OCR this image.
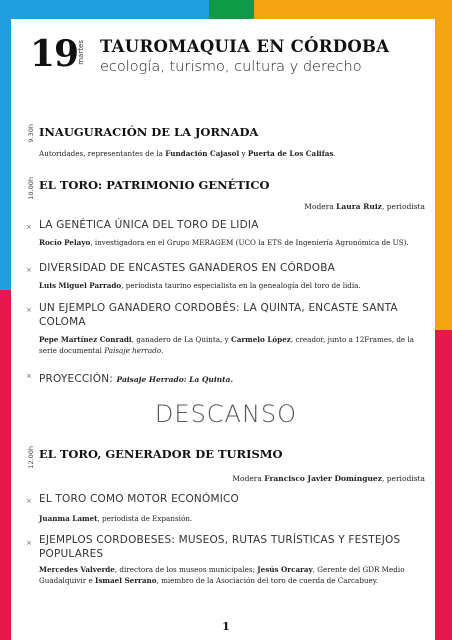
19
martes TAUROMAQUIA EN CÓRDOBA
ecología, turismo, cultura y derecho
9.30h INAUGURACIÓN DE LA JORNADA
Autoridades, representantes de la Fundación Cajasol y Puerta de Los Califas.
10.00h EL TORO: PATRIMONIO GENÉTICO
Modera Laura Ruiz, periodista
× LA GENÉTICA ÚNICA DEL TORO DE LIDIA
Rocío Pelayo, investigadora en el Grupo MERAGEM (UCO la ETS de Ingeniería Agronómica de US).
× DIVERSIDAD DE ENCASTES GANADEROS EN CÓRDOBA
Luis Miguel Parrado, periodista taurino especialista en la genealogía del toro de lidia.
× UN EJEMPLO GANADERO CORDOBÉS: LA QUINTA, ENCASTE SANTA COLOMA
Pepe Martínez Conradi, ganadero de La Quinta, y Carmelo López, creador, junto a 12Frames, de la serie documental Paisaje herrado.
× PROYECCIÓN: Paisaje Herrado: La Quinta.
DESCANSO
12.00h EL TORO, GENERADOR DE TURISMO
Modera Francisco Javier Domínguez, periodista
× EL TORO COMO MOTOR ECONÓMICO
Juanma Lamet, periodista de Expansión.
× EJEMPLOS CORDOBESES: MUSEOS, RUTAS TURÍSTICAS Y FESTEJOS POPULARES
Mercedes Valverde, directora de los museos municipales; Jesús Orcaray, Gerente del GDR Medio Guadalquivir e Ismael Serrano, miembro de la Asociación del toro de cuerda de Carcabuey.
1
